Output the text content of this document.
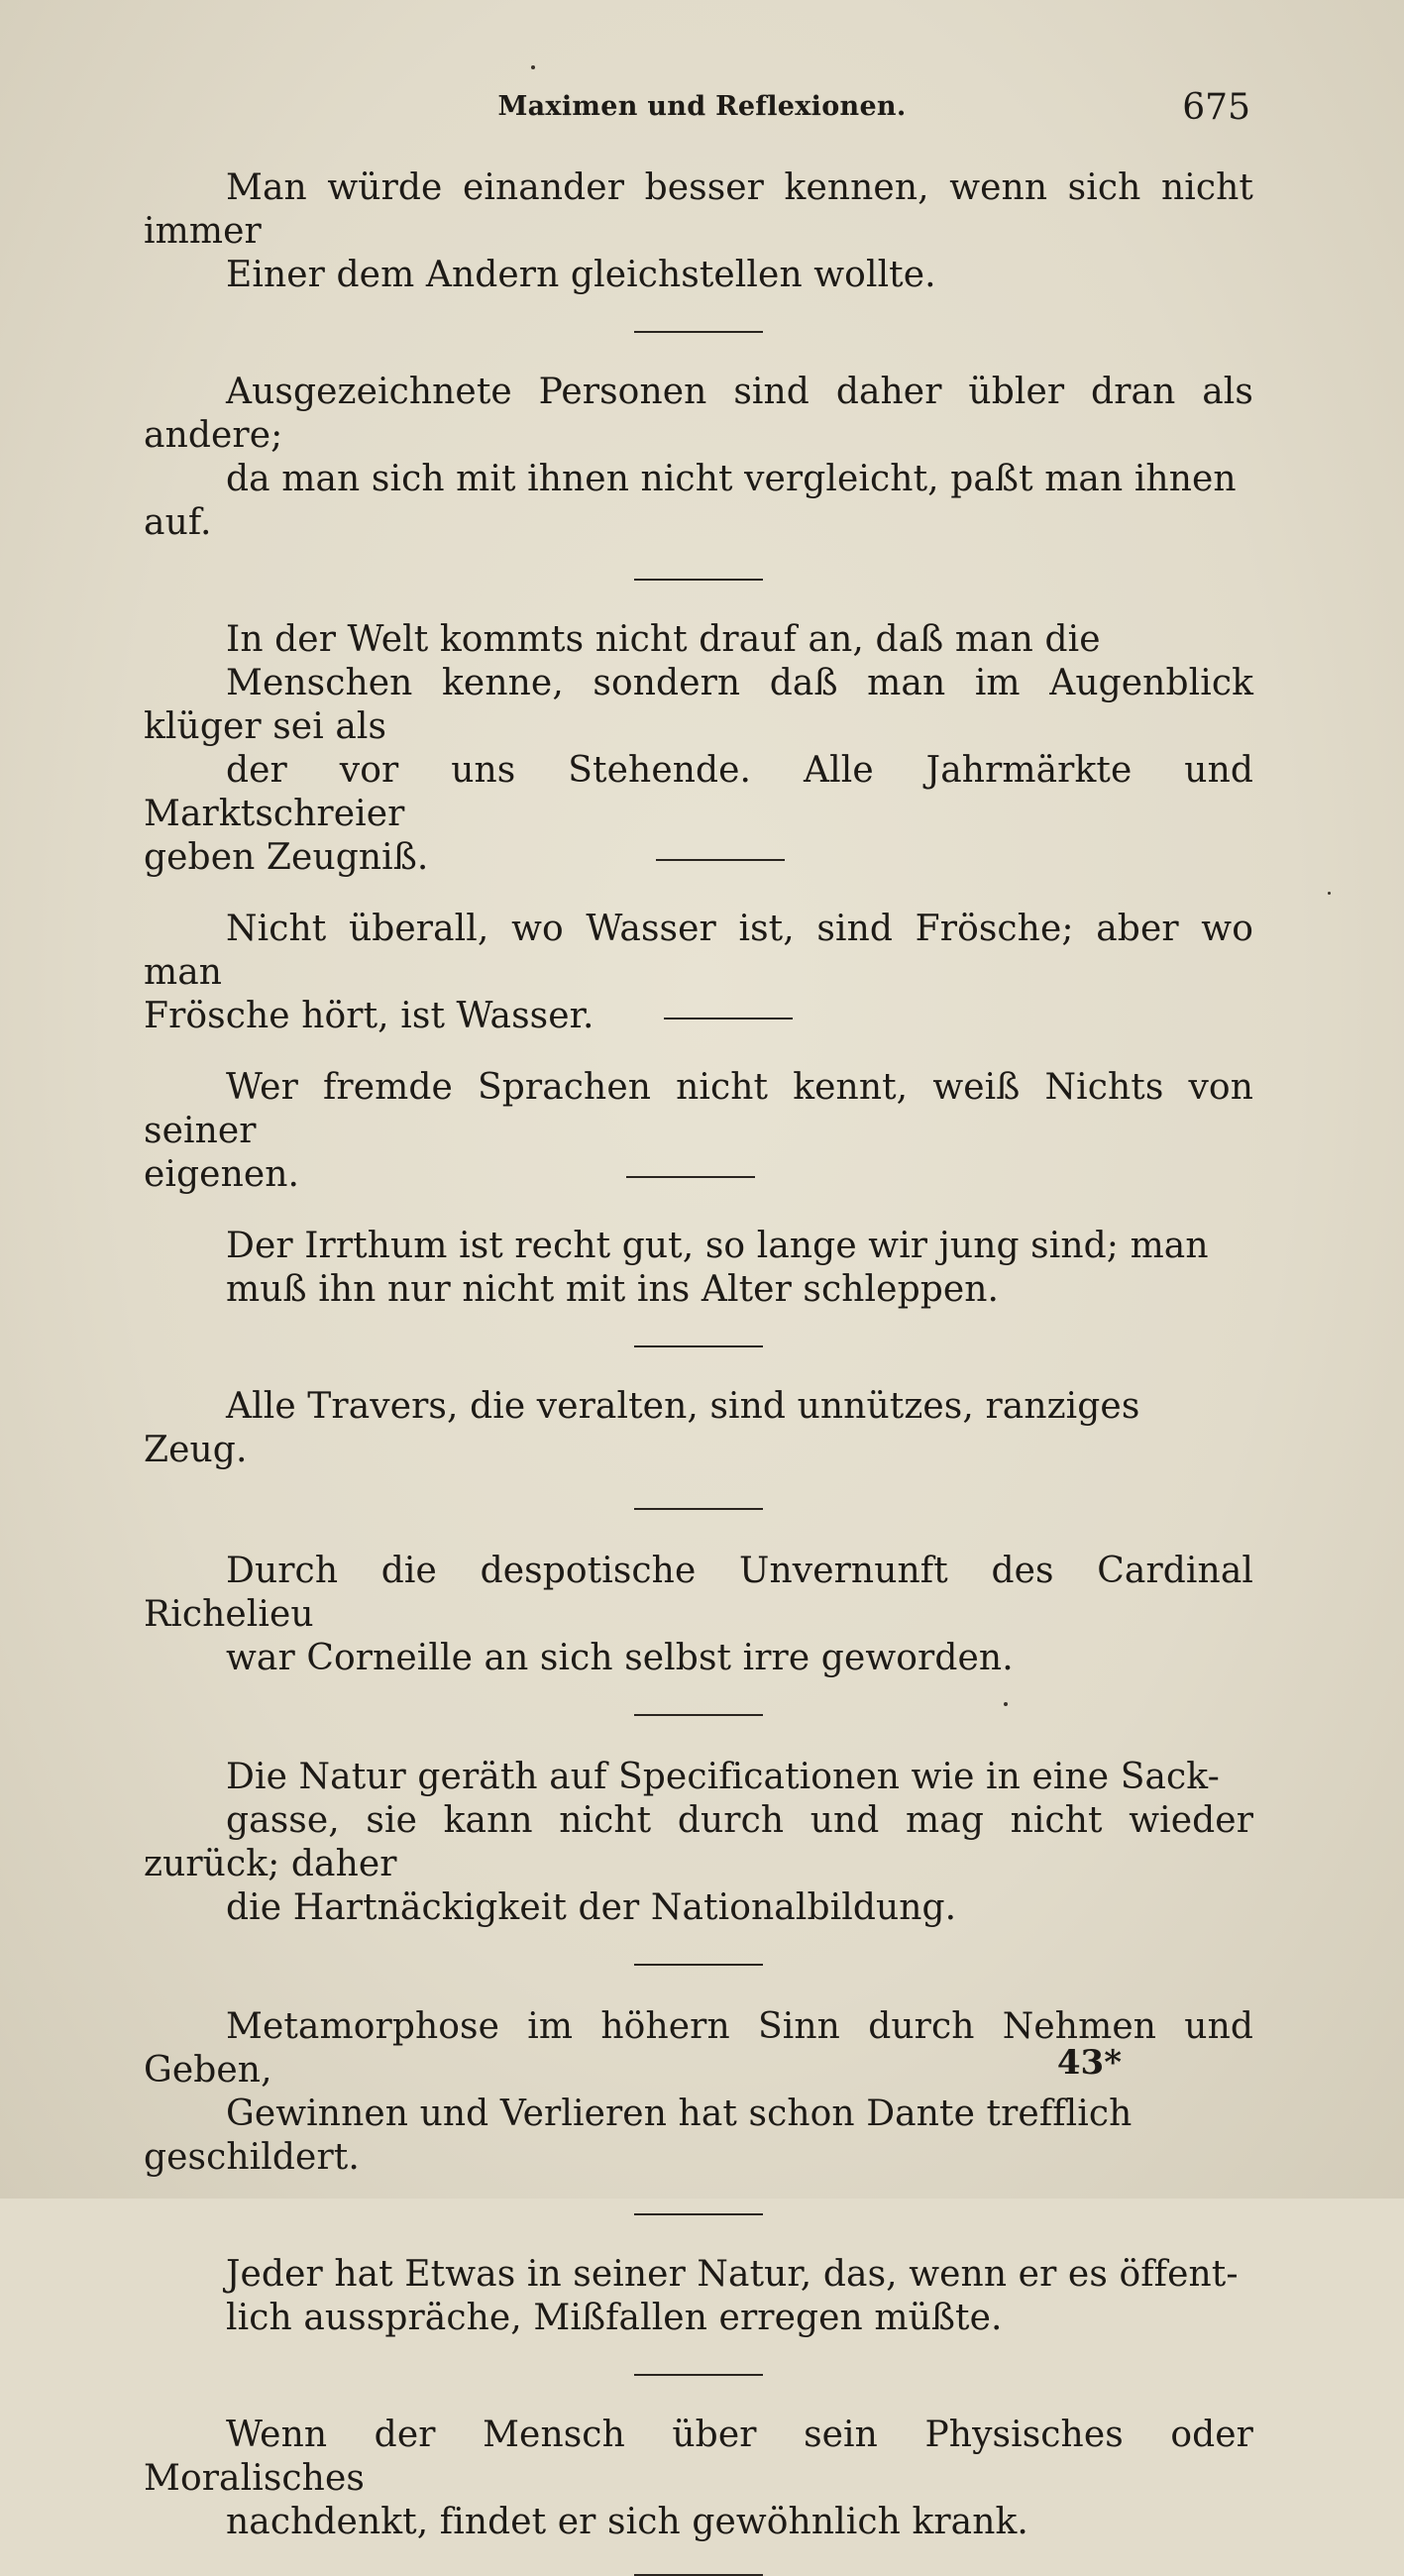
Maximen und Reflexionen.	675

Man würde einander besser kennen, wenn sich nicht immer
Einer dem Andern gleichstellen wollte.

Ausgezeichnete Personen sind daher übler dran als andere;
da man sich mit ihnen nicht vergleicht, paßt man ihnen auf.

In der Welt kommts nicht drauf an, daß man die
Menschen kenne, sondern daß man im Augenblick klüger sei als
der vor uns Stehende. Alle Jahrmärkte und Marktschreier
geben Zeugniß.

Nicht überall, wo Wasser ist, sind Frösche; aber wo man
Frösche hört, ist Wasser.

Wer fremde Sprachen nicht kennt, weiß Nichts von seiner
eigenen.

Der Irrthum ist recht gut, so lange wir jung sind; man
muß ihn nur nicht mit ins Alter schleppen.

Alle Travers, die veralten, sind unnützes, ranziges Zeug.

Durch die despotische Unvernunft des Cardinal Richelieu
war Corneille an sich selbst irre geworden.

Die Natur geräth auf Specificationen wie in eine Sack-
gasse, sie kann nicht durch und mag nicht wieder zurück; daher
die Hartnäckigkeit der Nationalbildung.

Metamorphose im höhern Sinn durch Nehmen und Geben,
Gewinnen und Verlieren hat schon Dante trefflich geschildert.

Jeder hat Etwas in seiner Natur, das, wenn er es öffent-
lich ausspräche, Mißfallen erregen müßte.

Wenn der Mensch über sein Physisches oder Moralisches
nachdenkt, findet er sich gewöhnlich krank.

43*
